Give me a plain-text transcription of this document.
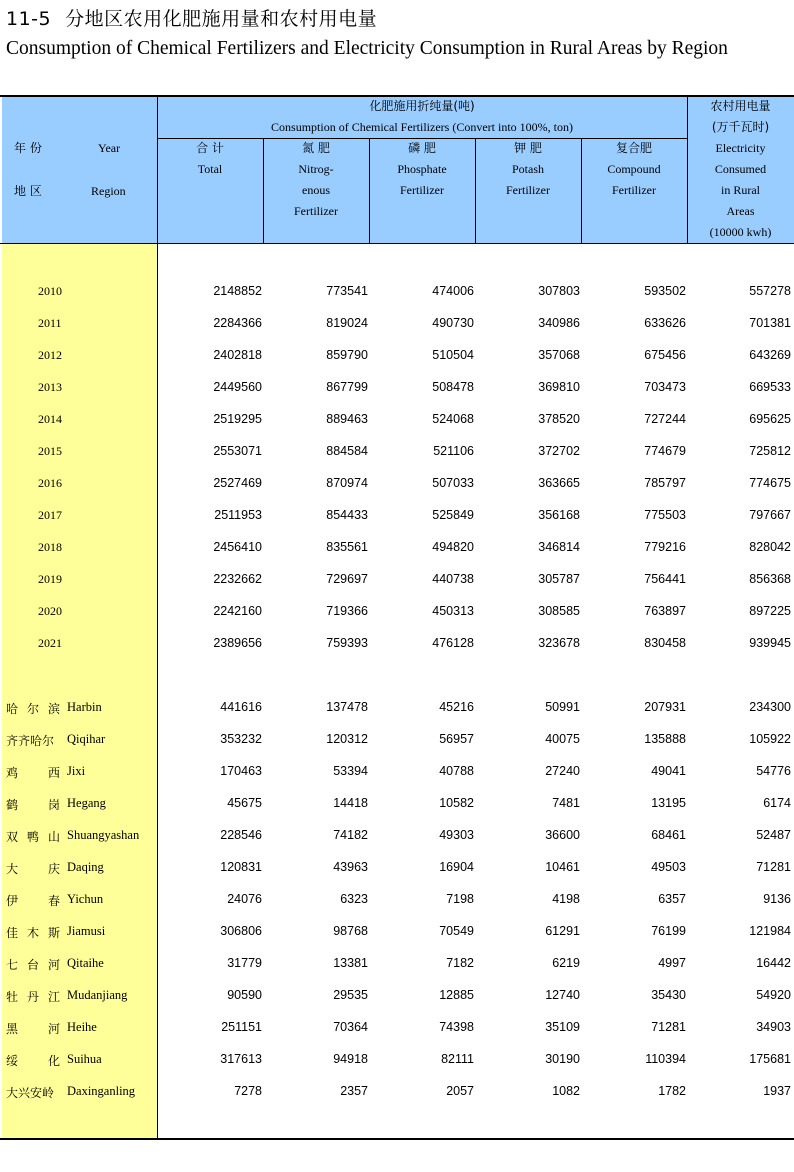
11-5 分地区农用化肥施用量和农村用电量
Consumption of Chemical Fertilizers and Electricity Consumption in Rural Areas by Region
年 份	Year
地 区	Region
化肥施用折纯量(吨)
Consumption of Chemical Fertilizers (Convert into 100%, ton)
合 计
Total
氮 肥
Nitrog-
enous
Fertilizer
磷 肥
Phosphate
Fertilizer
钾 肥
Potash
Fertilizer
复合肥
Compound
Fertilizer
农村用电量
(万千瓦时)
Electricity
Consumed
in Rural
Areas
(10000 kwh)
2010	2148852	773541	474006	307803	593502	557278
2011	2284366	819024	490730	340986	633626	701381
2012	2402818	859790	510504	357068	675456	643269
2013	2449560	867799	508478	369810	703473	669533
2014	2519295	889463	524068	378520	727244	695625
2015	2553071	884584	521106	372702	774679	725812
2016	2527469	870974	507033	363665	785797	774675
2017	2511953	854433	525849	356168	775503	797667
2018	2456410	835561	494820	346814	779216	828042
2019	2232662	729697	440738	305787	756441	856368
2020	2242160	719366	450313	308585	763897	897225
2021	2389656	759393	476128	323678	830458	939945
哈 尔 滨 Harbin	441616	137478	45216	50991	207931	234300
齐齐哈尔 Qiqihar	353232	120312	56957	40075	135888	105922
鸡 西 Jixi	170463	53394	40788	27240	49041	54776
鹤 岗 Hegang	45675	14418	10582	7481	13195	6174
双 鸭 山 Shuangyashan	228546	74182	49303	36600	68461	52487
大 庆 Daqing	120831	43963	16904	10461	49503	71281
伊 春 Yichun	24076	6323	7198	4198	6357	9136
佳 木 斯 Jiamusi	306806	98768	70549	61291	76199	121984
七 台 河 Qitaihe	31779	13381	7182	6219	4997	16442
牡 丹 江 Mudanjiang	90590	29535	12885	12740	35430	54920
黑 河 Heihe	251151	70364	74398	35109	71281	34903
绥 化 Suihua	317613	94918	82111	30190	110394	175681
大兴安岭 Daxinganling	7278	2357	2057	1082	1782	1937
